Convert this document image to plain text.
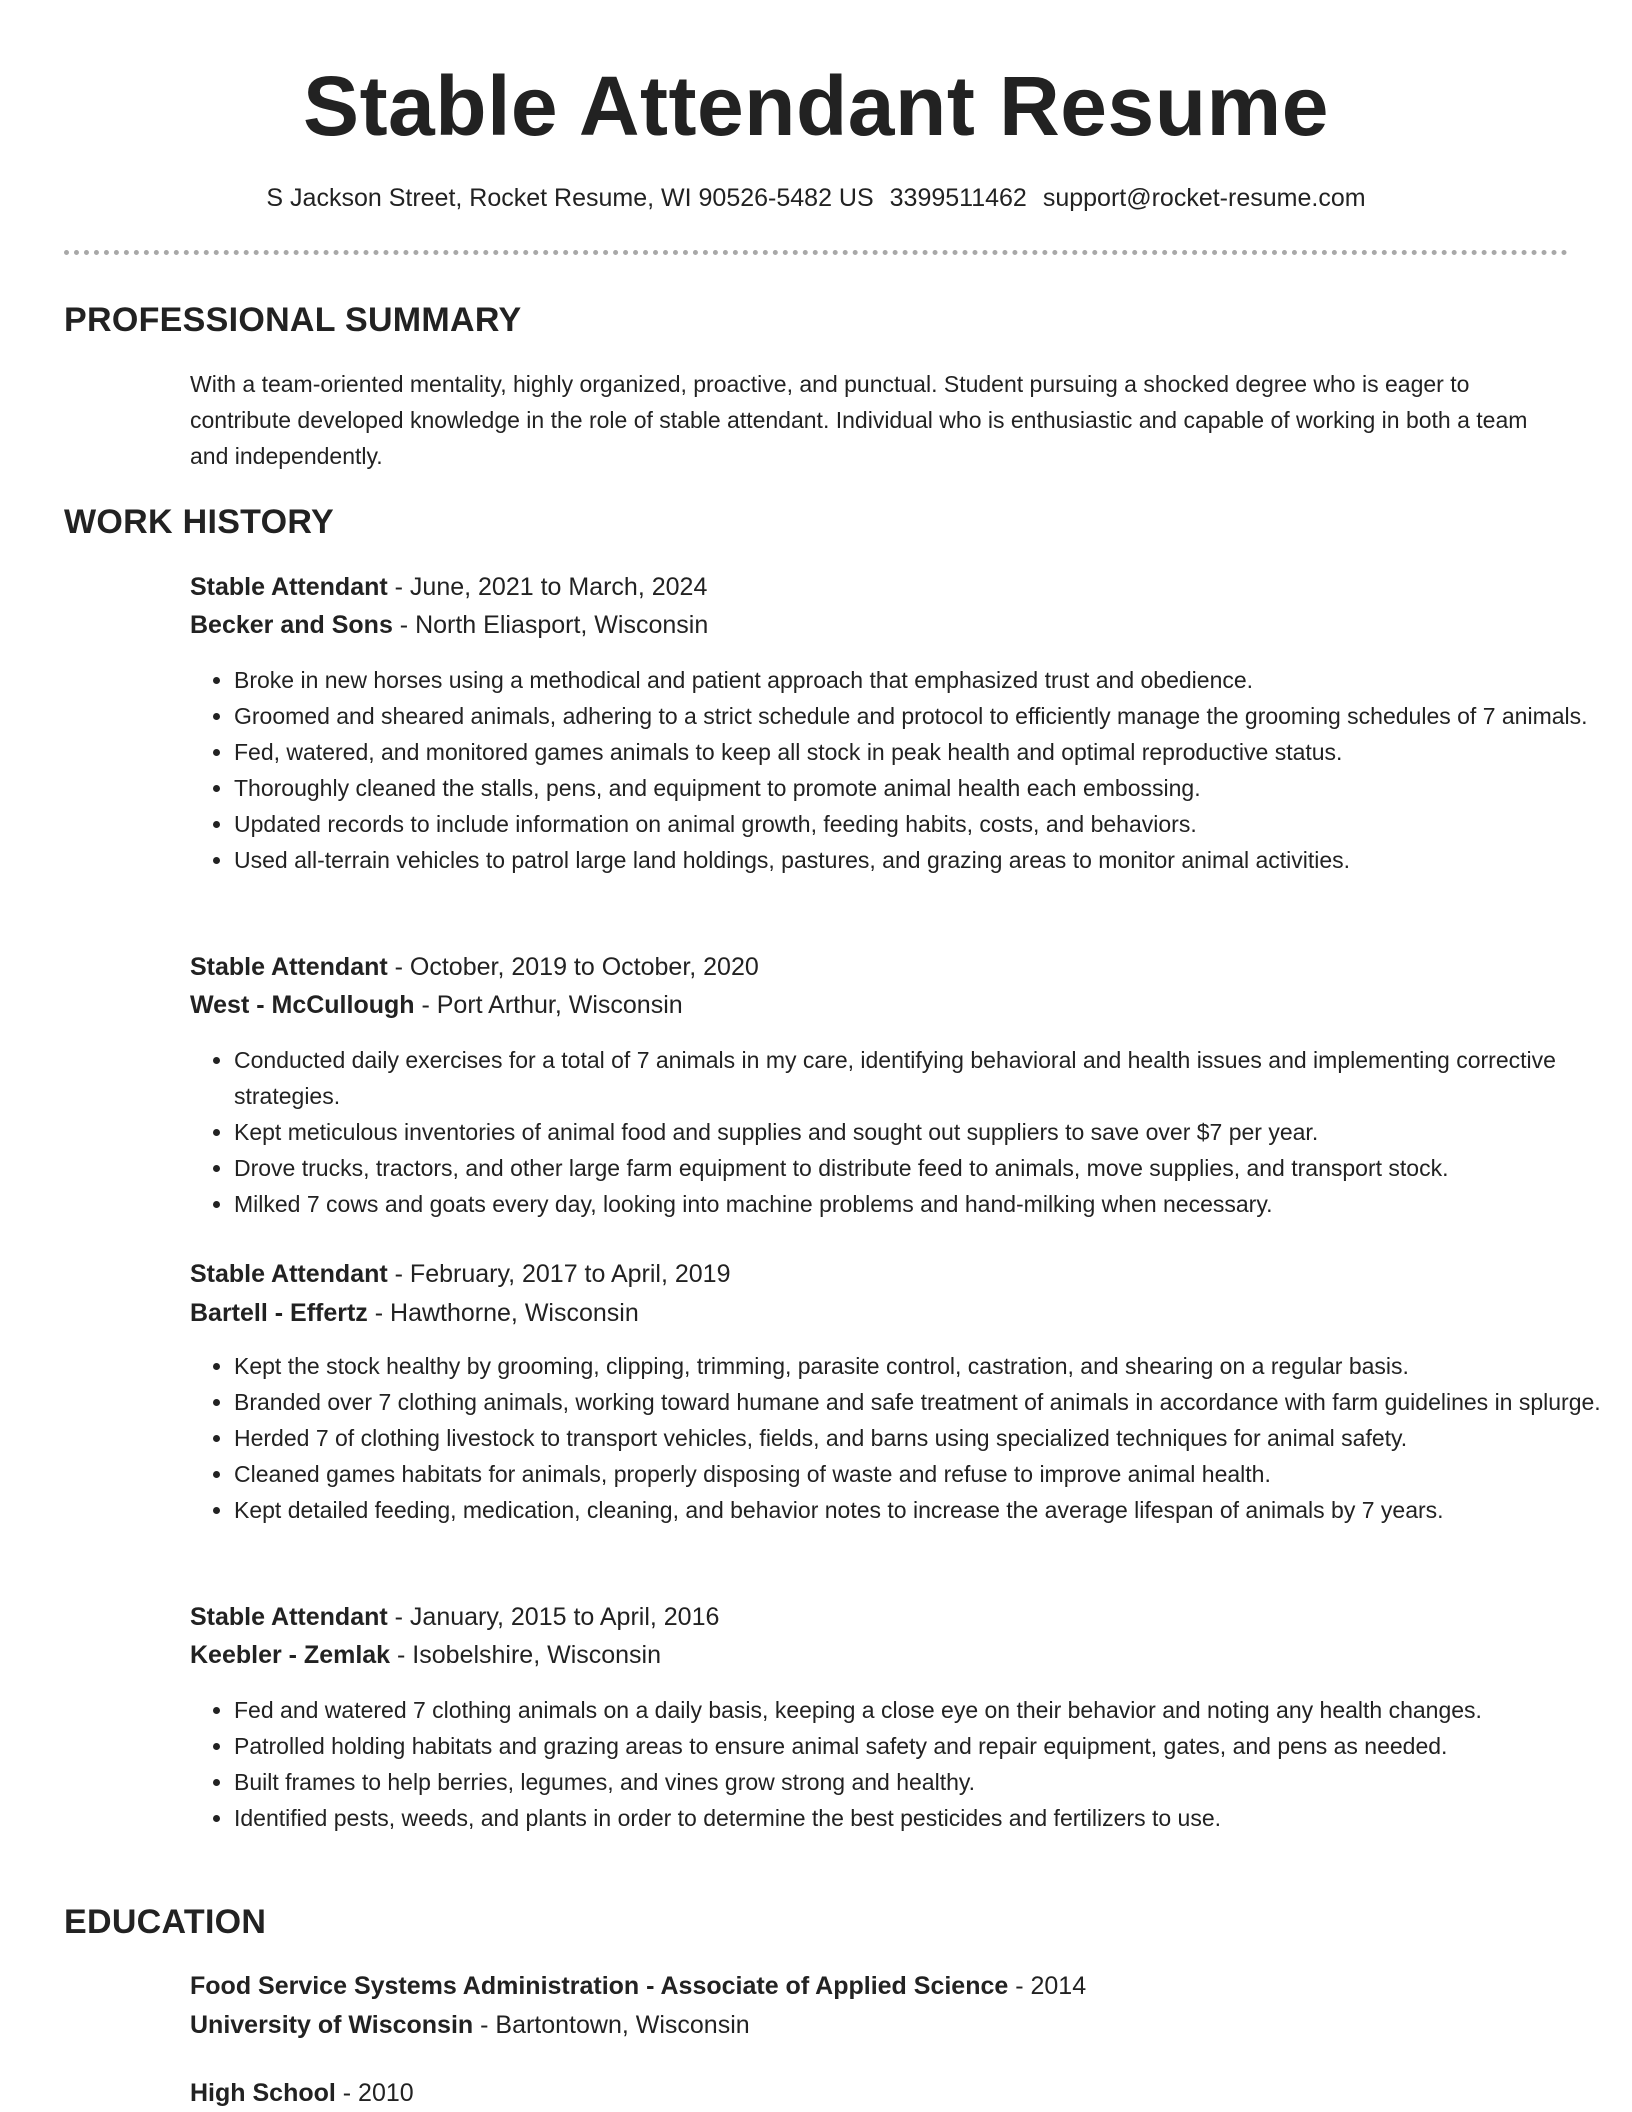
Stable Attendant Resume
S Jackson Street, Rocket Resume, WI 90526-5482 US 3399511462 support@rocket-resume.com
PROFESSIONAL SUMMARY
With a team-oriented mentality, highly organized, proactive, and punctual. Student pursuing a shocked degree who is eager to contribute developed knowledge in the role of stable attendant. Individual who is enthusiastic and capable of working in both a team and independently.
WORK HISTORY
Stable Attendant - June, 2021 to March, 2024
Becker and Sons - North Eliasport, Wisconsin
• Broke in new horses using a methodical and patient approach that emphasized trust and obedience.
• Groomed and sheared animals, adhering to a strict schedule and protocol to efficiently manage the grooming schedules of 7 animals.
• Fed, watered, and monitored games animals to keep all stock in peak health and optimal reproductive status.
• Thoroughly cleaned the stalls, pens, and equipment to promote animal health each embossing.
• Updated records to include information on animal growth, feeding habits, costs, and behaviors.
• Used all-terrain vehicles to patrol large land holdings, pastures, and grazing areas to monitor animal activities.
Stable Attendant - October, 2019 to October, 2020
West - McCullough - Port Arthur, Wisconsin
• Conducted daily exercises for a total of 7 animals in my care, identifying behavioral and health issues and implementing corrective strategies.
• Kept meticulous inventories of animal food and supplies and sought out suppliers to save over $7 per year.
• Drove trucks, tractors, and other large farm equipment to distribute feed to animals, move supplies, and transport stock.
• Milked 7 cows and goats every day, looking into machine problems and hand-milking when necessary.
Stable Attendant - February, 2017 to April, 2019
Bartell - Effertz - Hawthorne, Wisconsin
• Kept the stock healthy by grooming, clipping, trimming, parasite control, castration, and shearing on a regular basis.
• Branded over 7 clothing animals, working toward humane and safe treatment of animals in accordance with farm guidelines in splurge.
• Herded 7 of clothing livestock to transport vehicles, fields, and barns using specialized techniques for animal safety.
• Cleaned games habitats for animals, properly disposing of waste and refuse to improve animal health.
• Kept detailed feeding, medication, cleaning, and behavior notes to increase the average lifespan of animals by 7 years.
Stable Attendant - January, 2015 to April, 2016
Keebler - Zemlak - Isobelshire, Wisconsin
• Fed and watered 7 clothing animals on a daily basis, keeping a close eye on their behavior and noting any health changes.
• Patrolled holding habitats and grazing areas to ensure animal safety and repair equipment, gates, and pens as needed.
• Built frames to help berries, legumes, and vines grow strong and healthy.
• Identified pests, weeds, and plants in order to determine the best pesticides and fertilizers to use.
EDUCATION
Food Service Systems Administration - Associate of Applied Science - 2014
University of Wisconsin - Bartontown, Wisconsin
High School - 2010
